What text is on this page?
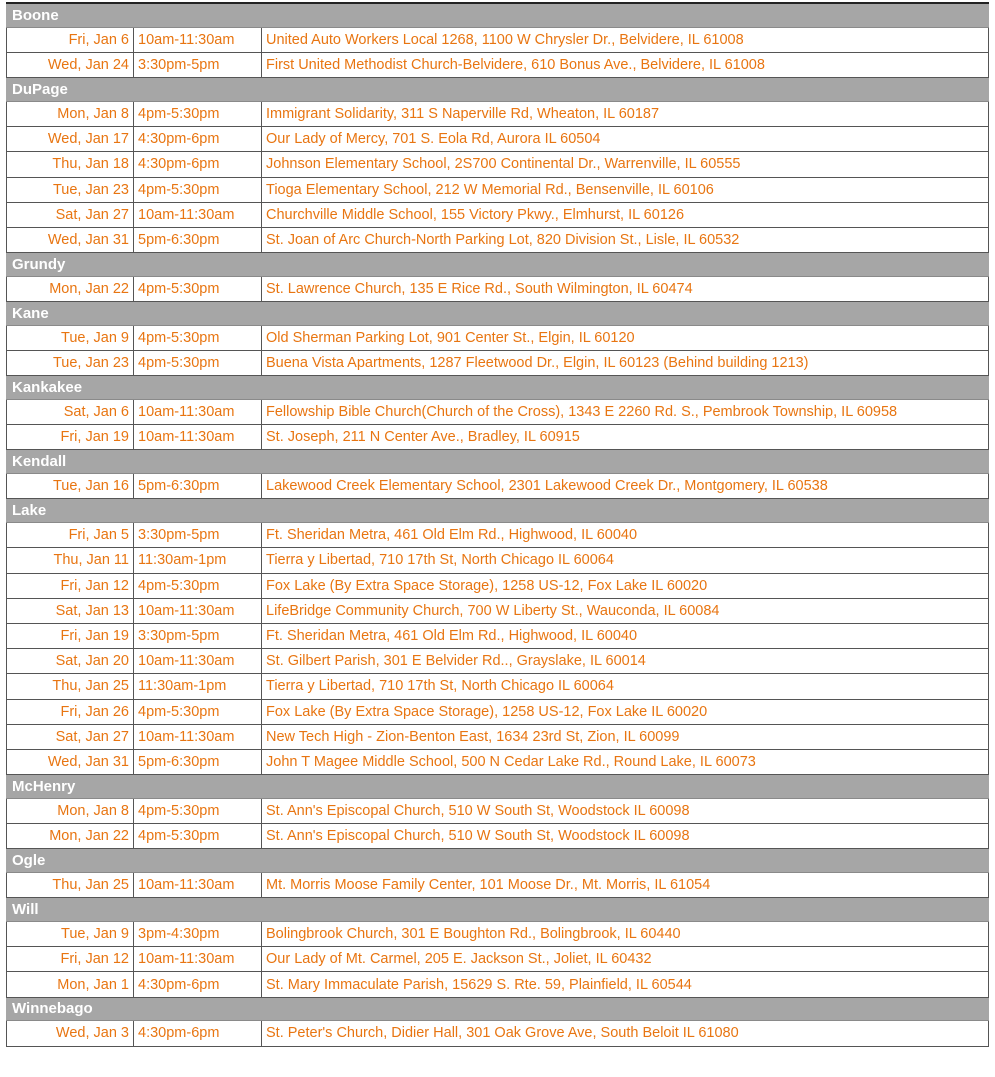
Boone
Fri, Jan 6 10am-11:30am	United Auto Workers Local 1268, 1100 W Chrysler Dr., Belvidere, IL 61008
Wed, Jan 24 3:30pm-5pm	First United Methodist Church-Belvidere, 610 Bonus Ave., Belvidere, IL 61008
DuPage
Mon, Jan 8 4pm-5:30pm	Immigrant Solidarity, 311 S Naperville Rd, Wheaton, IL 60187
Wed, Jan 17 4:30pm-6pm	Our Lady of Mercy, 701 S. Eola Rd, Aurora IL 60504
Thu, Jan 18 4:30pm-6pm	Johnson Elementary School, 2S700 Continental Dr., Warrenville, IL 60555
Tue, Jan 23 4pm-5:30pm	Tioga Elementary School, 212 W Memorial Rd., Bensenville, IL 60106
Sat, Jan 27 10am-11:30am	Churchville Middle School, 155 Victory Pkwy., Elmhurst, IL 60126
Wed, Jan 31 5pm-6:30pm	St. Joan of Arc Church-North Parking Lot, 820 Division St., Lisle, IL 60532
Grundy
Mon, Jan 22 4pm-5:30pm	St. Lawrence Church, 135 E Rice Rd., South Wilmington, IL 60474
Kane
Tue, Jan 9 4pm-5:30pm	Old Sherman Parking Lot, 901 Center St., Elgin, IL 60120
Tue, Jan 23 4pm-5:30pm	Buena Vista Apartments, 1287 Fleetwood Dr., Elgin, IL 60123 (Behind building 1213)
Kankakee
Sat, Jan 6 10am-11:30am	Fellowship Bible Church(Church of the Cross), 1343 E 2260 Rd. S., Pembrook Township, IL 60958
Fri, Jan 19 10am-11:30am	St. Joseph, 211 N Center Ave., Bradley, IL 60915
Kendall
Tue, Jan 16 5pm-6:30pm	Lakewood Creek Elementary School, 2301 Lakewood Creek Dr., Montgomery, IL 60538
Lake
Fri, Jan 5 3:30pm-5pm	Ft. Sheridan Metra, 461 Old Elm Rd., Highwood, IL 60040
Thu, Jan 11 11:30am-1pm	Tierra y Libertad, 710 17th St, North Chicago IL 60064
Fri, Jan 12 4pm-5:30pm	Fox Lake (By Extra Space Storage), 1258 US-12, Fox Lake IL 60020
Sat, Jan 13 10am-11:30am	LifeBridge Community Church, 700 W Liberty St., Wauconda, IL 60084
Fri, Jan 19 3:30pm-5pm	Ft. Sheridan Metra, 461 Old Elm Rd., Highwood, IL 60040
Sat, Jan 20 10am-11:30am	St. Gilbert Parish, 301 E Belvider Rd.., Grayslake, IL 60014
Thu, Jan 25 11:30am-1pm	Tierra y Libertad, 710 17th St, North Chicago IL 60064
Fri, Jan 26 4pm-5:30pm	Fox Lake (By Extra Space Storage), 1258 US-12, Fox Lake IL 60020
Sat, Jan 27 10am-11:30am	New Tech High - Zion-Benton East, 1634 23rd St, Zion, IL 60099
Wed, Jan 31 5pm-6:30pm	John T Magee Middle School, 500 N Cedar Lake Rd., Round Lake, IL 60073
McHenry
Mon, Jan 8 4pm-5:30pm	St. Ann's Episcopal Church, 510 W South St, Woodstock IL 60098
Mon, Jan 22 4pm-5:30pm	St. Ann's Episcopal Church, 510 W South St, Woodstock IL 60098
Ogle
Thu, Jan 25 10am-11:30am	Mt. Morris Moose Family Center, 101 Moose Dr., Mt. Morris, IL 61054
Will
Tue, Jan 9 3pm-4:30pm	Bolingbrook Church, 301 E Boughton Rd., Bolingbrook, IL 60440
Fri, Jan 12 10am-11:30am	Our Lady of Mt. Carmel, 205 E. Jackson St., Joliet, IL 60432
Mon, Jan 1 4:30pm-6pm	St. Mary Immaculate Parish, 15629 S. Rte. 59, Plainfield, IL 60544
Winnebago
Wed, Jan 3 4:30pm-6pm	St. Peter's Church, Didier Hall, 301 Oak Grove Ave, South Beloit IL 61080
